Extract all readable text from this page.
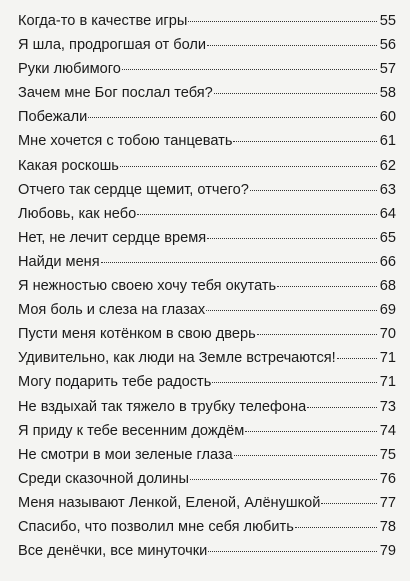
Когда-то в качестве игры	55
Я шла, продрогшая от боли	56
Руки любимого	57
Зачем мне Бог послал тебя?	58
Побежали	60
Мне хочется с тобою танцевать	61
Какая роскошь	62
Отчего так сердце щемит, отчего?	63
Любовь, как небо	64
Нет, не лечит сердце время	65
Найди меня	66
Я нежностью своею хочу тебя окутать	68
Моя боль и слеза на глазах	69
Пусти меня котёнком в свою дверь	70
Удивительно, как люди на Земле встречаются!	71
Могу подарить тебе радость	71
Не вздыхай так тяжело в трубку телефона	73
Я приду к тебе весенним дождём	74
Не смотри в мои зеленые глаза	75
Среди сказочной долины	76
Меня называют Ленкой, Еленой, Алёнушкой	77
Спасибо, что позволил мне себя любить	78
Все денёчки, все минуточки	79
